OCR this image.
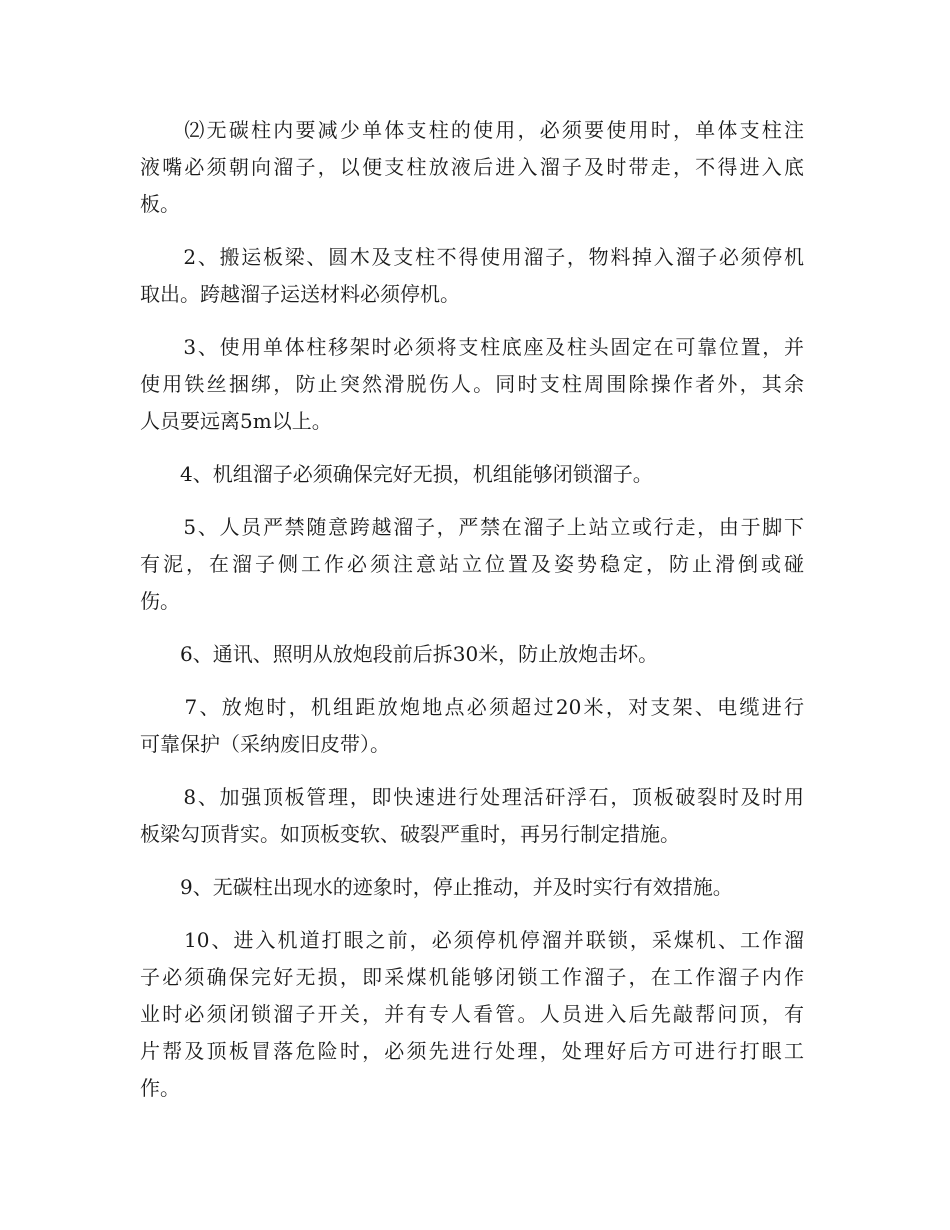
　　⑵无碳柱内要减少单体支柱的使用，必须要使用时，单体支柱注
液嘴必须朝向溜子，以便支柱放液后进入溜子及时带走，不得进入底
板。
　　2、搬运板梁、圆木及支柱不得使用溜子，物料掉入溜子必须停机
取出。跨越溜子运送材料必须停机。
　　3、使用单体柱移架时必须将支柱底座及柱头固定在可靠位置，并
使用铁丝捆绑，防止突然滑脱伤人。同时支柱周围除操作者外，其余
人员要远离5m以上。
　　4、机组溜子必须确保完好无损，机组能够闭锁溜子。
　　5、人员严禁随意跨越溜子，严禁在溜子上站立或行走，由于脚下
有泥，在溜子侧工作必须注意站立位置及姿势稳定，防止滑倒或碰
伤。
　　6、通讯、照明从放炮段前后拆30米，防止放炮击坏。
　　7、放炮时，机组距放炮地点必须超过20米，对支架、电缆进行
可靠保护（采纳废旧皮带）。
　　8、加强顶板管理，即快速进行处理活矸浮石，顶板破裂时及时用
板梁勾顶背实。如顶板变软、破裂严重时，再另行制定措施。
　　9、无碳柱出现水的迹象时，停止推动，并及时实行有效措施。
　　10、进入机道打眼之前，必须停机停溜并联锁，采煤机、工作溜
子必须确保完好无损，即采煤机能够闭锁工作溜子，在工作溜子内作
业时必须闭锁溜子开关，并有专人看管。人员进入后先敲帮问顶，有
片帮及顶板冒落危险时，必须先进行处理，处理好后方可进行打眼工
作。
